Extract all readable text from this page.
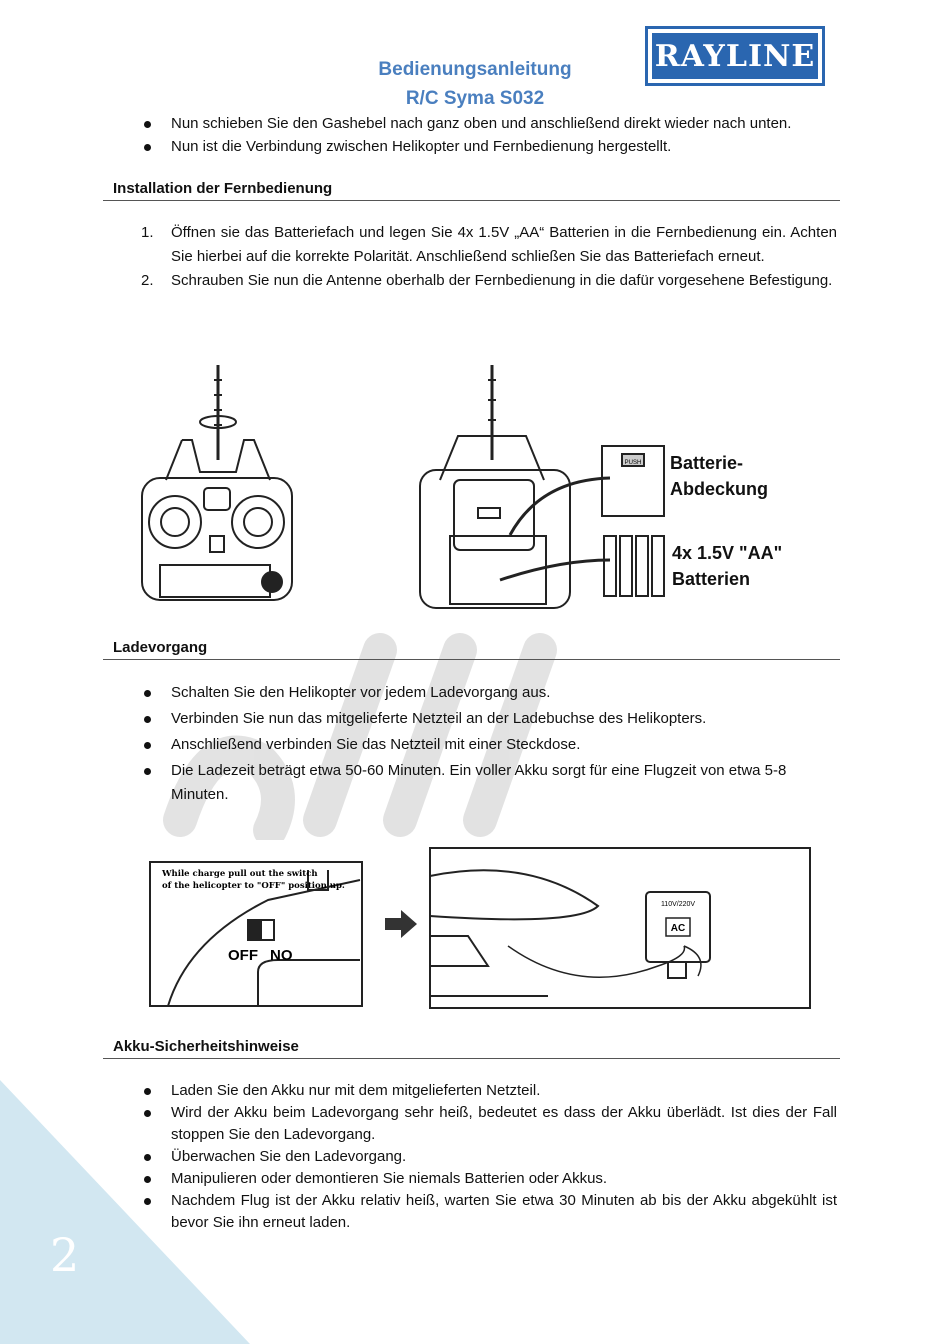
Bedienungsanleitung
R/C Syma S032
RAYLINE
Nun schieben Sie den Gashebel nach ganz oben und anschließend direkt wieder nach unten.
Nun ist die Verbindung zwischen Helikopter und Fernbedienung hergestellt.
Installation der Fernbedienung
1. Öffnen sie das Batteriefach und legen Sie 4x 1.5V „AA“ Batterien in die Fernbedienung ein. Achten Sie hierbei auf die korrekte Polarität. Anschließend schließen Sie das Batteriefach erneut.
2. Schrauben Sie nun die Antenne oberhalb der Fernbedienung in die dafür vorgesehene Befestigung.
PUSH Batterie-
Abdeckung
4x 1.5V "AA"
Batterien
Ladevorgang
Schalten Sie den Helikopter vor jedem Ladevorgang aus.
Verbinden Sie nun das mitgelieferte Netzteil an der Ladebuchse des Helikopters.
Anschließend verbinden Sie das Netzteil mit einer Steckdose.
Die Ladezeit beträgt etwa 50-60 Minuten. Ein voller Akku sorgt für eine Flugzeit von etwa 5-8 Minuten.
While charge pull out the switch
of the helicopter to "OFF" position up.
OFF NO
110V/220V
AC
Akku-Sicherheitshinweise
Laden Sie den Akku nur mit dem mitgelieferten Netzteil.
Wird der Akku beim Ladevorgang sehr heiß, bedeutet es dass der Akku überlädt. Ist dies der Fall stoppen Sie den Ladevorgang.
Überwachen Sie den Ladevorgang.
Manipulieren oder demontieren Sie niemals Batterien oder Akkus.
Nachdem Flug ist der Akku relativ heiß, warten Sie etwa 30 Minuten ab bis der Akku abgekühlt ist bevor Sie ihn erneut laden.
2
